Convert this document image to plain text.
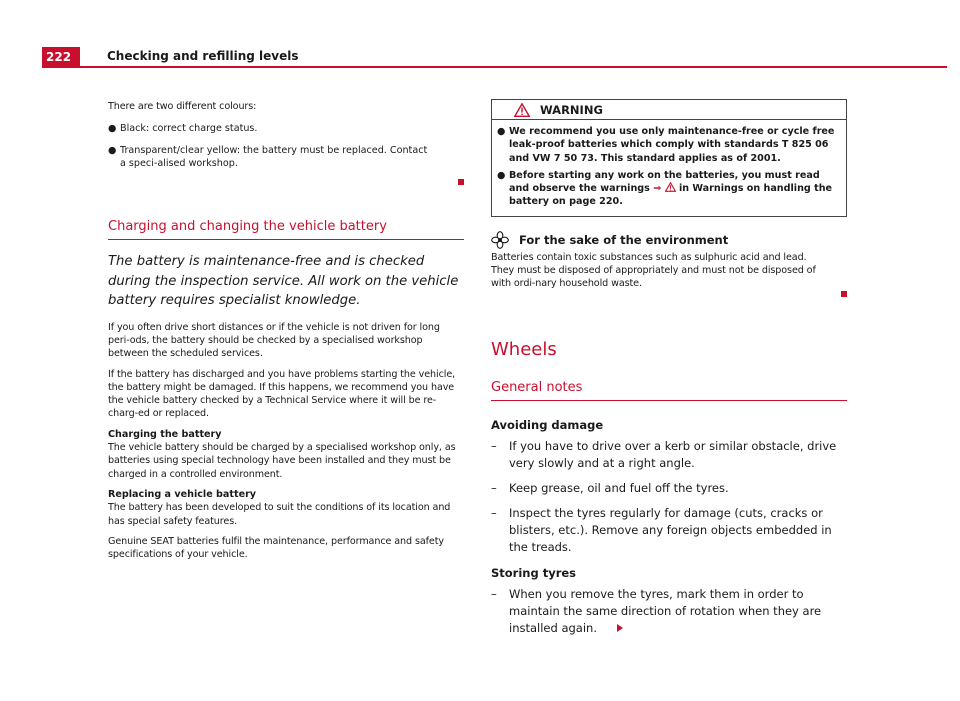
222	Checking and refilling levels
There are two different colours:
● Black: correct charge status.
● Transparent/clear yellow: the battery must be replaced. Contact a speci-alised workshop.
Charging and changing the vehicle battery
The battery is maintenance-free and is checked during the inspection service. All work on the vehicle battery requires specialist knowledge.
If you often drive short distances or if the vehicle is not driven for long peri-ods, the battery should be checked by a specialised workshop between the scheduled services.
If the battery has discharged and you have problems starting the vehicle, the battery might be damaged. If this happens, we recommend you have the vehicle battery checked by a Technical Service where it will be re-charg-ed or replaced.
Charging the battery
The vehicle battery should be charged by a specialised workshop only, as batteries using special technology have been installed and they must be charged in a controlled environment.
Replacing a vehicle battery
The battery has been developed to suit the conditions of its location and has special safety features.
Genuine SEAT batteries fulfil the maintenance, performance and safety specifications of your vehicle.
WARNING
● We recommend you use only maintenance-free or cycle free leak-proof batteries which comply with standards T 825 06 and VW 7 50 73. This standard applies as of 2001.
● Before starting any work on the batteries, you must read and observe the warnings ⇒ in Warnings on handling the battery on page 220.
For the sake of the environment
Batteries contain toxic substances such as sulphuric acid and lead. They must be disposed of appropriately and must not be disposed of with ordi-nary household waste.
Wheels
General notes
Avoiding damage
–	If you have to drive over a kerb or similar obstacle, drive very slowly and at a right angle.
–	Keep grease, oil and fuel off the tyres.
–	Inspect the tyres regularly for damage (cuts, cracks or blisters, etc.). Remove any foreign objects embedded in the treads.
Storing tyres
–	When you remove the tyres, mark them in order to maintain the same direction of rotation when they are installed again.
